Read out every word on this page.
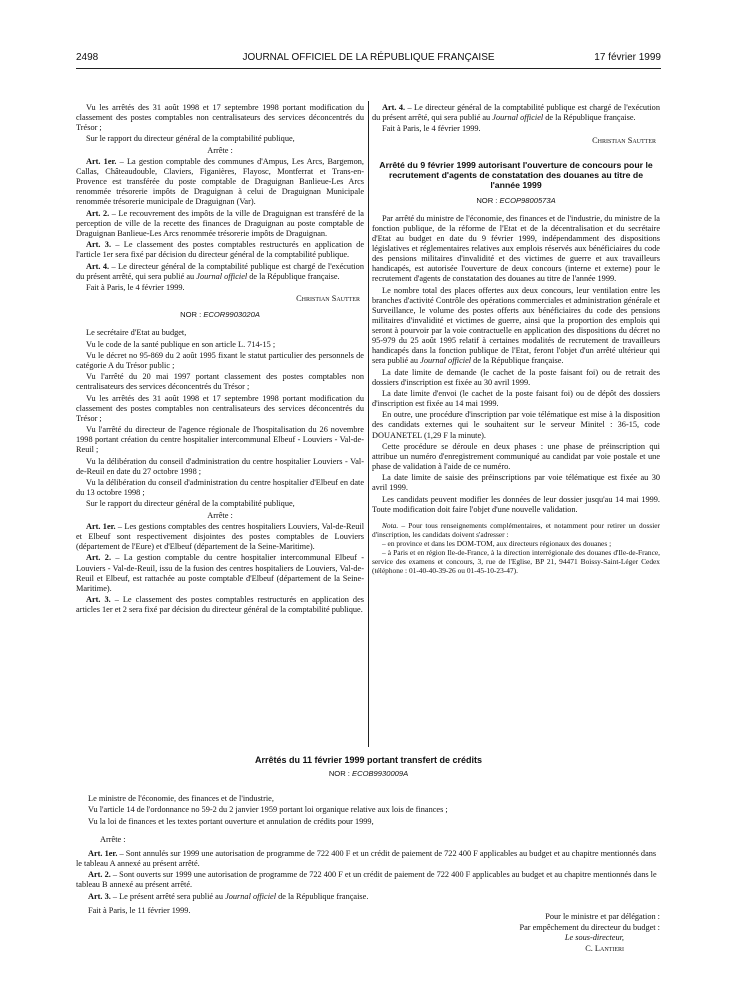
2498	JOURNAL OFFICIEL DE LA RÉPUBLIQUE FRANÇAISE	17 février 1999

Vu les arrêtés des 31 août 1998 et 17 septembre 1998 portant modification du classement des postes comptables non centralisateurs des services déconcentrés du Trésor ;

Sur le rapport du directeur général de la comptabilité publique,

Arrête :

Art. 1er. – La gestion comptable des communes d'Ampus, Les Arcs, Bargemon, Callas, Châteaudouble, Claviers, Figanières, Flayosc, Montferrat et Trans-en-Provence est transférée du poste comptable de Draguignan Banlieue-Les Arcs renommée trésorerie impôts de Draguignan à celui de Draguignan Municipale renommée trésorerie municipale de Draguignan (Var).

Art. 2. – Le recouvrement des impôts de la ville de Draguignan est transféré de la perception de ville de la recette des finances de Draguignan au poste comptable de Draguignan Banlieue-Les Arcs renommée trésorerie impôts de Draguignan.

Art. 3. – Le classement des postes comptables restructurés en application de l'article 1er sera fixé par décision du directeur général de la comptabilité publique.

Art. 4. – Le directeur général de la comptabilité publique est chargé de l'exécution du présent arrêté, qui sera publié au Journal officiel de la République française.

Fait à Paris, le 4 février 1999.

Christian Sautter

NOR : ECOR9903020A

Le secrétaire d'Etat au budget,

Vu le code de la santé publique en son article L. 714-15 ;

Vu le décret no 95-869 du 2 août 1995 fixant le statut particulier des personnels de catégorie A du Trésor public ;

Vu l'arrêté du 20 mai 1997 portant classement des postes comptables non centralisateurs des services déconcentrés du Trésor ;

Vu les arrêtés des 31 août 1998 et 17 septembre 1998 portant modification du classement des postes comptables non centralisateurs des services déconcentrés du Trésor ;

Vu l'arrêté du directeur de l'agence régionale de l'hospitalisation du 26 novembre 1998 portant création du centre hospitalier intercommunal Elbeuf - Louviers - Val-de-Reuil ;

Vu la délibération du conseil d'administration du centre hospitalier Louviers - Val-de-Reuil en date du 27 octobre 1998 ;

Vu la délibération du conseil d'administration du centre hospitalier d'Elbeuf en date du 13 octobre 1998 ;

Sur le rapport du directeur général de la comptabilité publique,

Arrête :

Art. 1er. – Les gestions comptables des centres hospitaliers Louviers, Val-de-Reuil et Elbeuf sont respectivement disjointes des postes comptables de Louviers (département de l'Eure) et d'Elbeuf (département de la Seine-Maritime).

Art. 2. – La gestion comptable du centre hospitalier intercommunal Elbeuf - Louviers - Val-de-Reuil, issu de la fusion des centres hospitaliers de Louviers, Val-de-Reuil et Elbeuf, est rattachée au poste comptable d'Elbeuf (département de la Seine-Maritime).

Art. 3. – Le classement des postes comptables restructurés en application des articles 1er et 2 sera fixé par décision du directeur général de la comptabilité publique.

Art. 4. – Le directeur général de la comptabilité publique est chargé de l'exécution du présent arrêté, qui sera publié au Journal officiel de la République française.

Fait à Paris, le 4 février 1999.

Christian Sautter

Arrêté du 9 février 1999 autorisant l'ouverture de concours pour le recrutement d'agents de constatation des douanes au titre de l'année 1999

NOR : ECOP9800573A

Par arrêté du ministre de l'économie, des finances et de l'industrie, du ministre de la fonction publique, de la réforme de l'Etat et de la décentralisation et du secrétaire d'Etat au budget en date du 9 février 1999, indépendamment des dispositions législatives et réglementaires relatives aux emplois réservés aux bénéficiaires du code des pensions militaires d'invalidité et des victimes de guerre et aux travailleurs handicapés, est autorisée l'ouverture de deux concours (interne et externe) pour le recrutement d'agents de constatation des douanes au titre de l'année 1999.

Le nombre total des places offertes aux deux concours, leur ventilation entre les branches d'activité Contrôle des opérations commerciales et administration générale et Surveillance, le volume des postes offerts aux bénéficiaires du code des pensions militaires d'invalidité et victimes de guerre, ainsi que la proportion des emplois qui seront à pourvoir par la voie contractuelle en application des dispositions du décret no 95-979 du 25 août 1995 relatif à certaines modalités de recrutement de travailleurs handicapés dans la fonction publique de l'Etat, feront l'objet d'un arrêté ultérieur qui sera publié au Journal officiel de la République française.

La date limite de demande (le cachet de la poste faisant foi) ou de retrait des dossiers d'inscription est fixée au 30 avril 1999.

La date limite d'envoi (le cachet de la poste faisant foi) ou de dépôt des dossiers d'inscription est fixée au 14 mai 1999.

En outre, une procédure d'inscription par voie télématique est mise à la disposition des candidats externes qui le souhaitent sur le serveur Minitel : 36-15, code DOUANETEL (1,29 F la minute).

Cette procédure se déroule en deux phases : une phase de préinscription qui attribue un numéro d'enregistrement communiqué au candidat par voie postale et une phase de validation à l'aide de ce numéro.

La date limite de saisie des préinscriptions par voie télématique est fixée au 30 avril 1999.

Les candidats peuvent modifier les données de leur dossier jusqu'au 14 mai 1999. Toute modification doit faire l'objet d'une nouvelle validation.

Nota. – Pour tous renseignements complémentaires, et notamment pour retirer un dossier d'inscription, les candidats doivent s'adresser :

– en province et dans les DOM-TOM, aux directeurs régionaux des douanes ;

– à Paris et en région Ile-de-France, à la direction interrégionale des douanes d'Ile-de-France, service des examens et concours, 3, rue de l'Eglise, BP 21, 94471 Boissy-Saint-Léger Cedex (téléphone : 01-40-40-39-26 ou 01-45-10-23-47).

Arrêtés du 11 février 1999 portant transfert de crédits
NOR : ECOB9930009A

Le ministre de l'économie, des finances et de l'industrie,

Vu l'article 14 de l'ordonnance no 59-2 du 2 janvier 1959 portant loi organique relative aux lois de finances ;

Vu la loi de finances et les textes portant ouverture et annulation de crédits pour 1999,

Arrête :

Art. 1er. – Sont annulés sur 1999 une autorisation de programme de 722 400 F et un crédit de paiement de 722 400 F applicables au budget et au chapitre mentionnés dans le tableau A annexé au présent arrêté.

Art. 2. – Sont ouverts sur 1999 une autorisation de programme de 722 400 F et un crédit de paiement de 722 400 F applicables au budget et au chapitre mentionnés dans le tableau B annexé au présent arrêté.

Art. 3. – Le présent arrêté sera publié au Journal officiel de la République française.

Fait à Paris, le 11 février 1999.

Pour le ministre et par délégation :
Par empêchement du directeur du budget :
Le sous-directeur,
C. Lantieri
